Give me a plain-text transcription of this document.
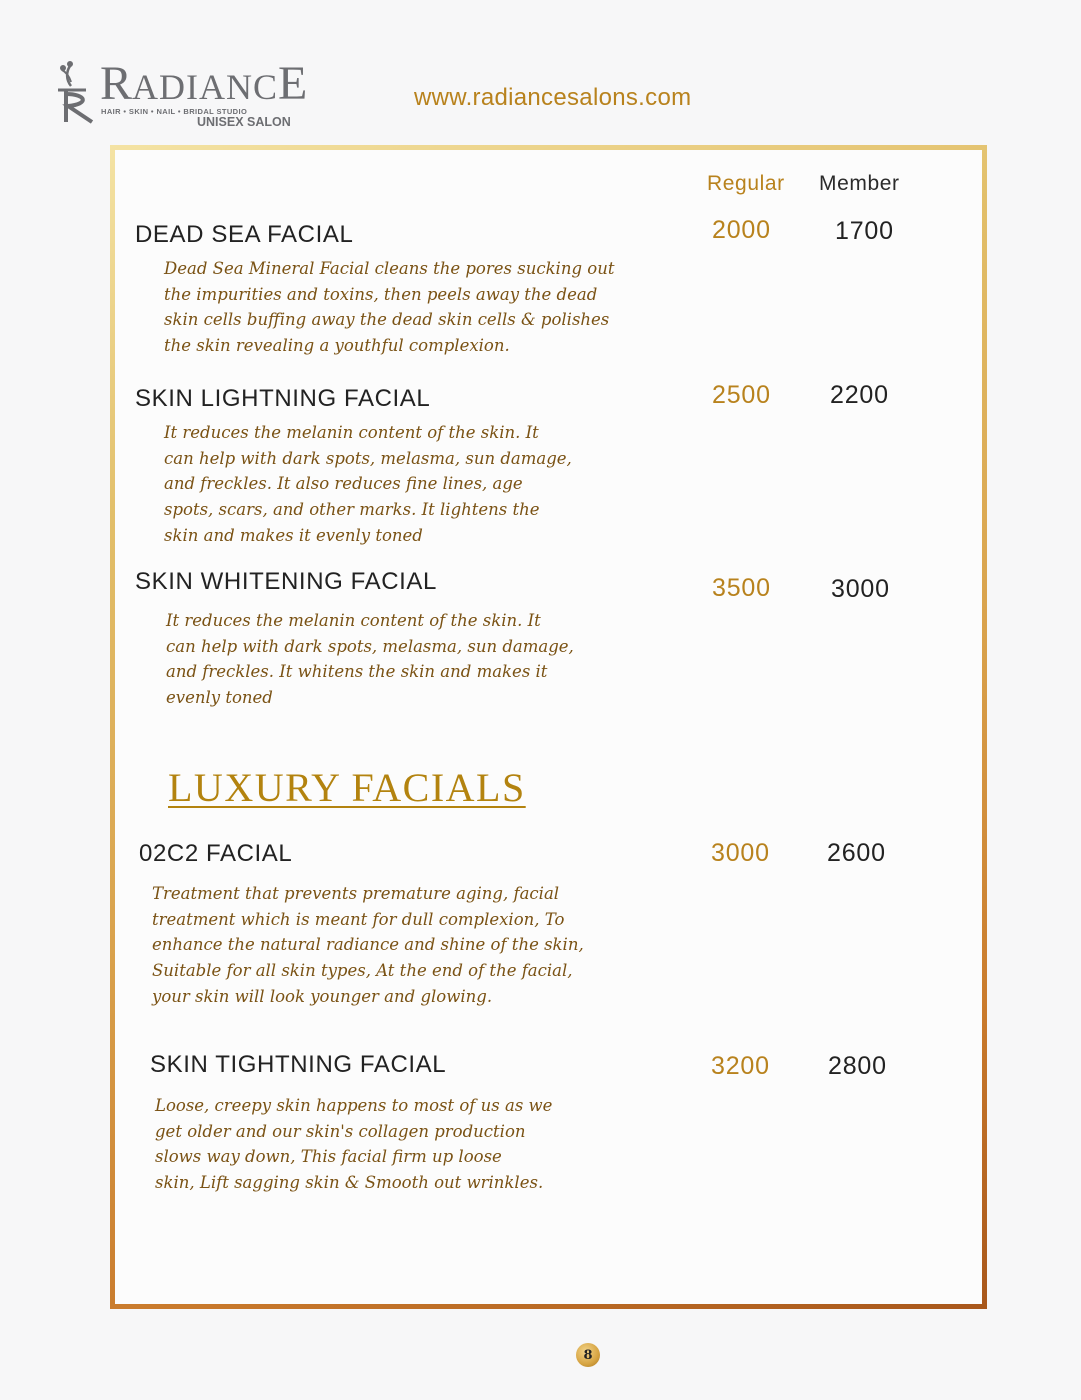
RADIANCE
HAIR • SKIN • NAIL • BRIDAL STUDIO
UNISEX SALON
www.radiancesalons.com
Regular Member
DEAD SEA FACIAL	2000	1700
Dead Sea Mineral Facial cleans the pores sucking out
the impurities and toxins, then peels away the dead
skin cells buffing away the dead skin cells & polishes
the skin revealing a youthful complexion.
SKIN LIGHTNING FACIAL	2500 2200
It reduces the melanin content of the skin. It
can help with dark spots, melasma, sun damage,
and freckles. It also reduces fine lines, age
spots, scars, and other marks. It lightens the
skin and makes it evenly toned
SKIN WHITENING FACIAL	3500 3000
It reduces the melanin content of the skin. It
can help with dark spots, melasma, sun damage,
and freckles. It whitens the skin and makes it
evenly toned
LUXURY FACIALS
02C2 FACIAL	3000 2600
Treatment that prevents premature aging, facial
treatment which is meant for dull complexion, To
enhance the natural radiance and shine of the skin,
Suitable for all skin types, At the end of the facial,
your skin will look younger and glowing.
SKIN TIGHTNING FACIAL	3200 2800
Loose, creepy skin happens to most of us as we
get older and our skin's collagen production
slows way down, This facial firm up loose
skin, Lift sagging skin & Smooth out wrinkles.
8
